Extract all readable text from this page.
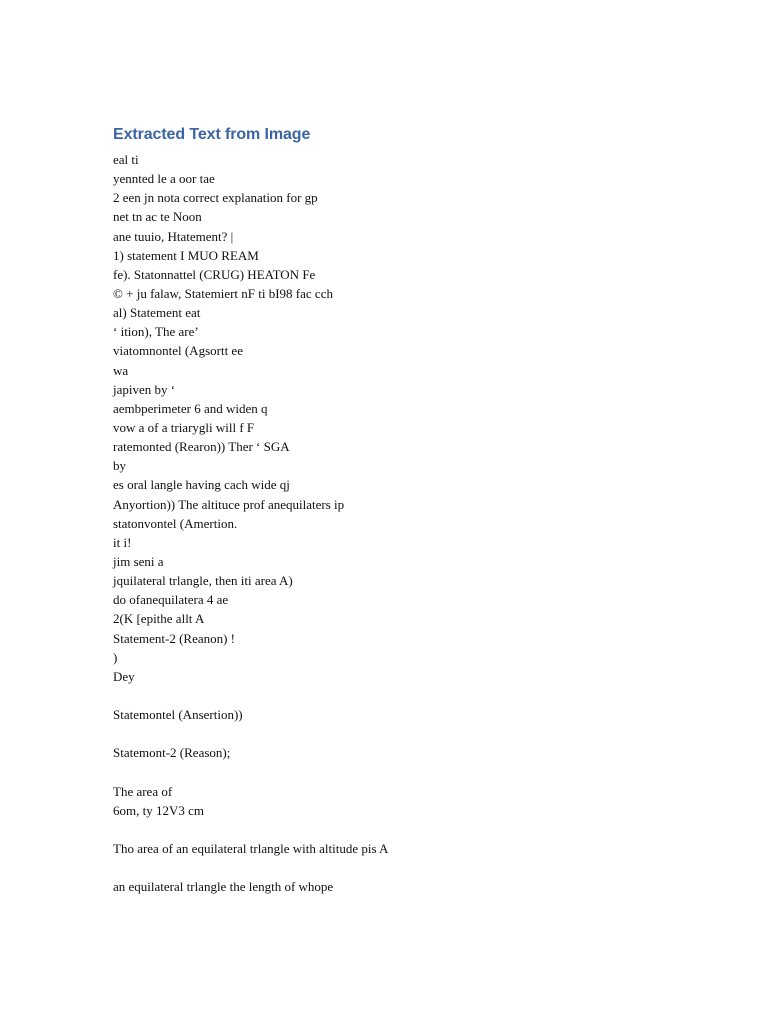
Extracted Text from Image
eal ti
yennted le a oor tae
2 een jn nota correct explanation for gp
net tn ac te Noon
ane tuuio, Htatement? |
1) statement I MUO REAM
fe). Statonnattel (CRUG) HEATON Fe
© + ju falaw, Statemiert nF ti bI98 fac cch
al) Statement eat
‘ ition), The are’
viatomnontel (Agsortt ee
wa
japiven by ‘
aembperimeter 6 and widen q
vow a of a triarygli will f F
ratemonted (Rearon)) Ther ‘ SGA
by
es oral langle having cach wide qj
Anyortion)) The altituce prof anequilaters ip
statonvontel (Amertion.
it i!
jim seni a
jquilateral trlangle, then iti area A)
do ofanequilatera 4 ae
2(K [epithe allt A
Statement-2 (Reanon) !
)
Dey
Statemontel (Ansertion))
Statemont-2 (Reason);
The area of
6om, ty 12V3 cm
Tho area of an equilateral trlangle with altitude pis A
an equilateral trlangle the length of whope
